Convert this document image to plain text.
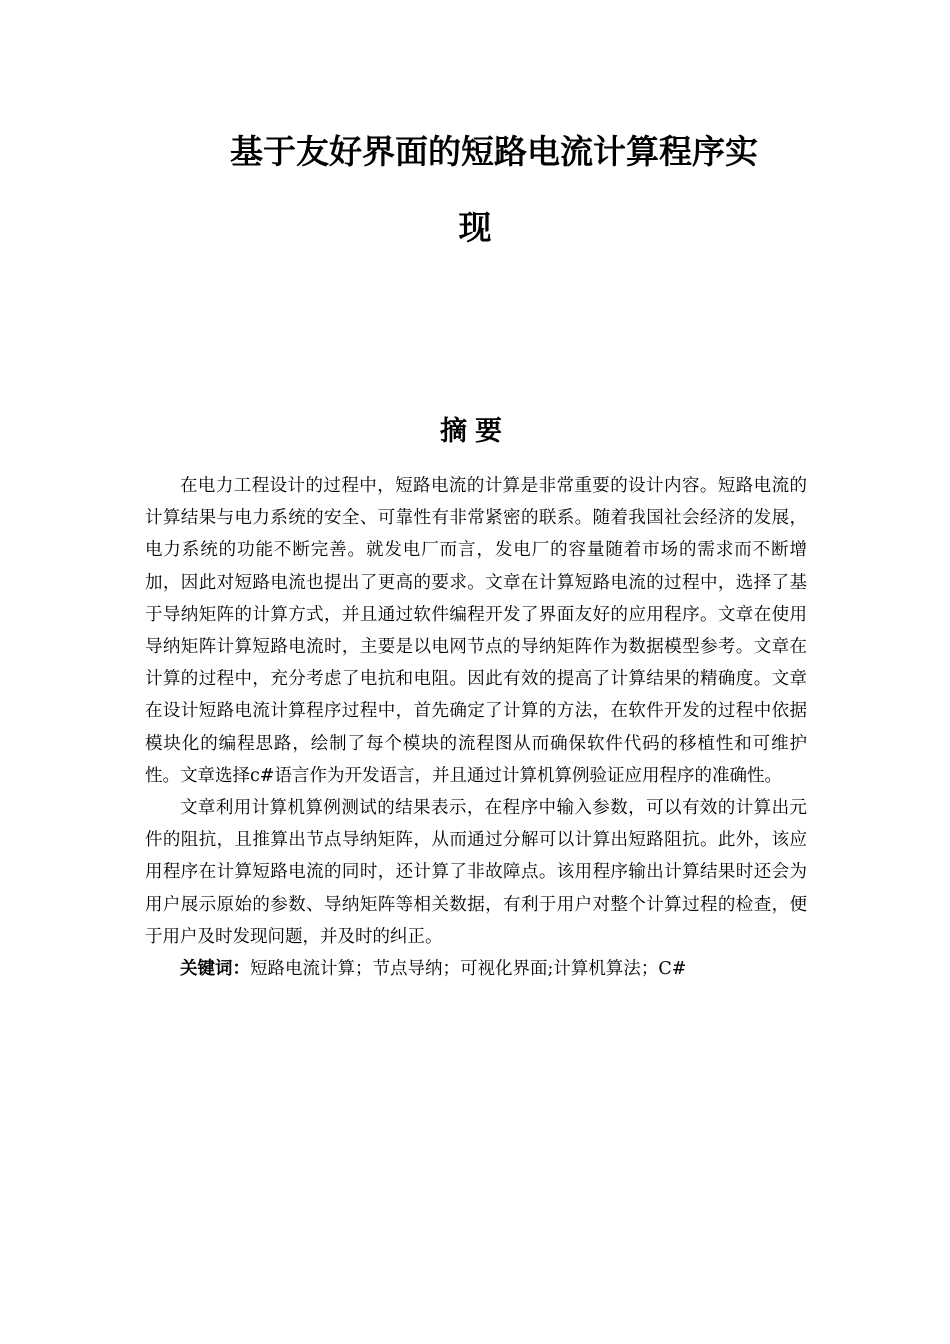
基于友好界面的短路电流计算程序实
现
摘要

在电力工程设计的过程中，短路电流的计算是非常重要的设计内容。短路电流的计算结果与电力系统的安全、可靠性有非常紧密的联系。随着我国社会经济的发展，电力系统的功能不断完善。就发电厂而言，发电厂的容量随着市场的需求而不断增加，因此对短路电流也提出了更高的要求。文章在计算短路电流的过程中，选择了基于导纳矩阵的计算方式，并且通过软件编程开发了界面友好的应用程序。文章在使用导纳矩阵计算短路电流时，主要是以电网节点的导纳矩阵作为数据模型参考。文章在计算的过程中，充分考虑了电抗和电阻。因此有效的提高了计算结果的精确度。文章在设计短路电流计算程序过程中，首先确定了计算的方法，在软件开发的过程中依据模块化的编程思路，绘制了每个模块的流程图从而确保软件代码的移植性和可维护性。文章选择c#语言作为开发语言，并且通过计算机算例验证应用程序的准确性。

文章利用计算机算例测试的结果表示，在程序中输入参数，可以有效的计算出元件的阻抗，且推算出节点导纳矩阵，从而通过分解可以计算出短路阻抗。此外，该应用程序在计算短路电流的同时，还计算了非故障点。该用程序输出计算结果时还会为用户展示原始的参数、导纳矩阵等相关数据，有利于用户对整个计算过程的检查，便于用户及时发现问题，并及时的纠正。

关键词：短路电流计算；节点导纳；可视化界面;计算机算法；C#
